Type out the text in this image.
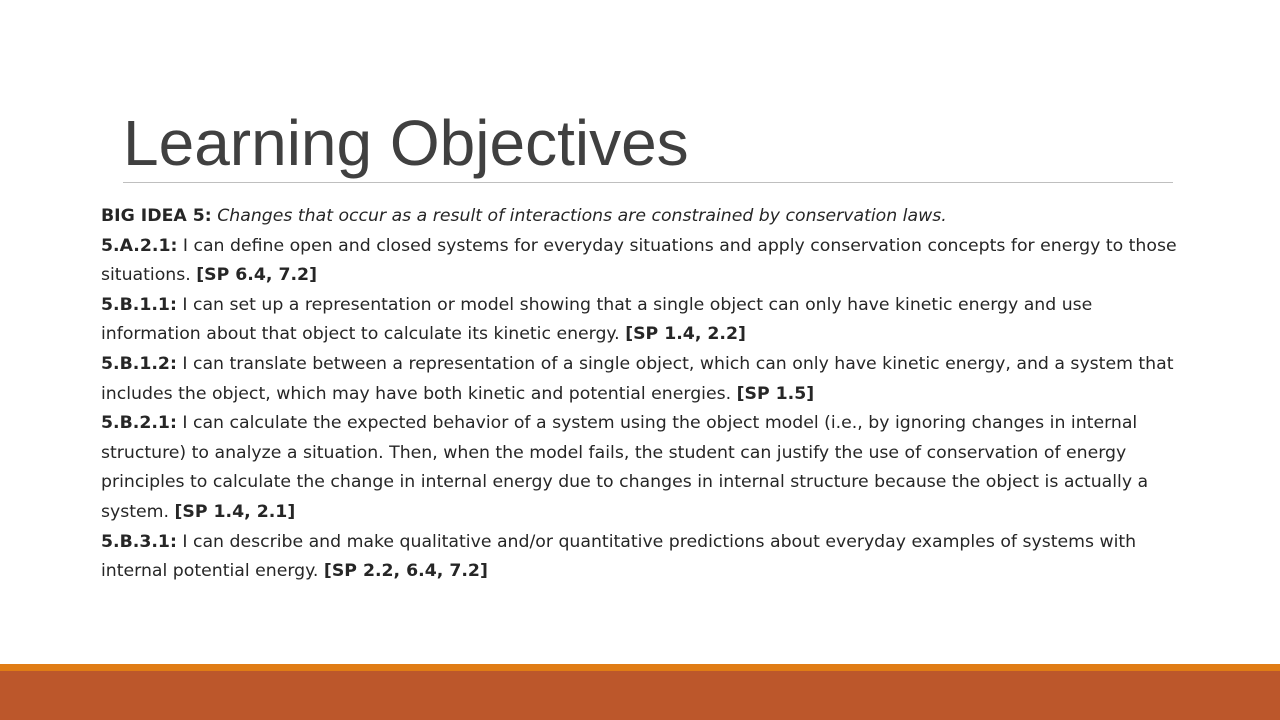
Learning Objectives

BIG IDEA 5: Changes that occur as a result of interactions are constrained by conservation laws.

5.A.2.1: I can define open and closed systems for everyday situations and apply conservation concepts for energy to those situations. [SP 6.4, 7.2]

5.B.1.1: I can set up a representation or model showing that a single object can only have kinetic energy and use information about that object to calculate its kinetic energy. [SP 1.4, 2.2]

5.B.1.2: I can translate between a representation of a single object, which can only have kinetic energy, and a system that includes the object, which may have both kinetic and potential energies. [SP 1.5]

5.B.2.1: I can calculate the expected behavior of a system using the object model (i.e., by ignoring changes in internal structure) to analyze a situation. Then, when the model fails, the student can justify the use of conservation of energy principles to calculate the change in internal energy due to changes in internal structure because the object is actually a system. [SP 1.4, 2.1]

5.B.3.1: I can describe and make qualitative and/or quantitative predictions about everyday examples of systems with internal potential energy. [SP 2.2, 6.4, 7.2]
